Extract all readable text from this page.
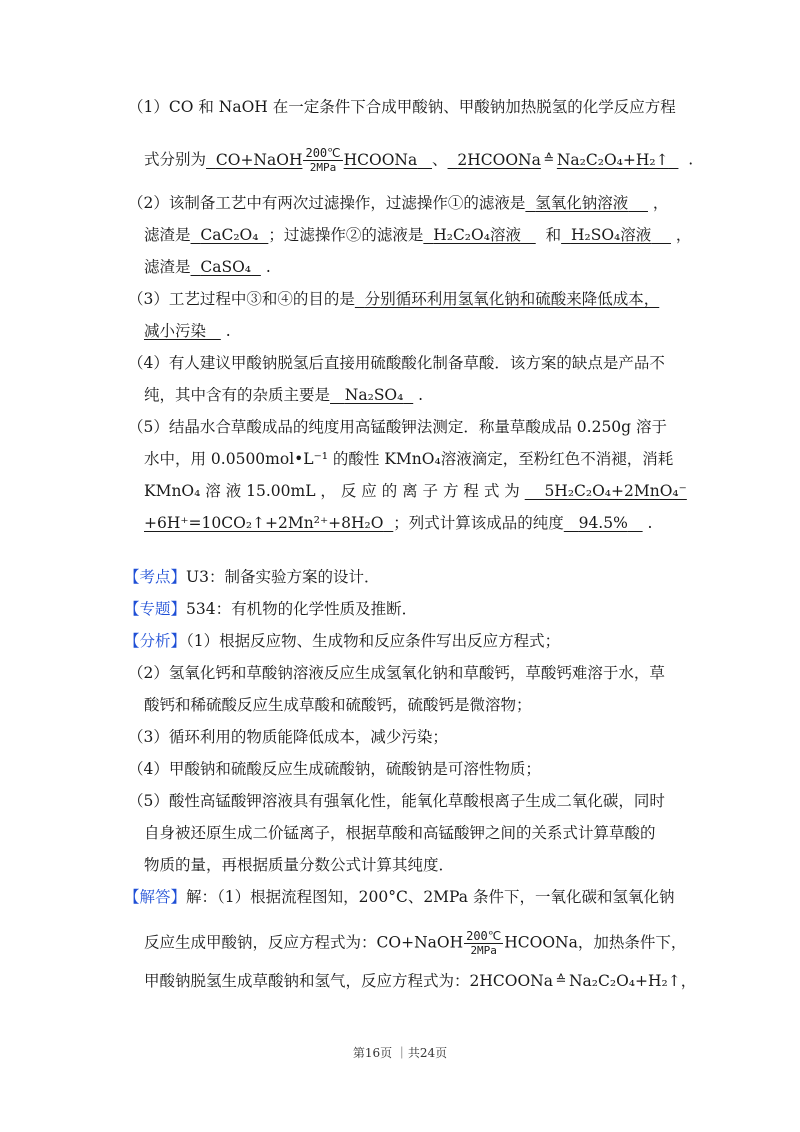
（1）CO 和 NaOH 在一定条件下合成甲酸钠、甲酸钠加热脱氢的化学反应方程
式分别为 CO+NaOH $\frac{200℃}{\text{2MPa}}$ HCOONa 、 2HCOONa ≙ Na₂C₂O₄+H₂↑ .
（2）该制备工艺中有两次过滤操作，过滤操作①的滤液是 氢氧化钠溶液 ，
滤渣是 CaC₂O₄ ；过滤操作②的滤液是 H₂C₂O₄溶液 和 H₂SO₄溶液 ，
滤渣是 CaSO₄ .
（3）工艺过程中③和④的目的是 分别循环利用氢氧化钠和硫酸来降低成本，
减小污染 .
（4）有人建议甲酸钠脱氢后直接用硫酸酸化制备草酸．该方案的缺点是产品不
纯，其中含有的杂质主要是 Na₂SO₄ .
（5）结晶水合草酸成品的纯度用高锰酸钾法测定．称量草酸成品 0.250g 溶于
水中，用 0.0500mol•L⁻¹ 的酸性 KMnO₄溶液滴定，至粉红色不消褪，消耗
KMnO₄ 溶 液 15.00mL ， 反 应 的 离 子 方 程 式 为 5H₂C₂O₄+2MnO₄⁻
+6H⁺=10CO₂↑+2Mn²⁺+8H₂O ；列式计算该成品的纯度 94.5% .
【考点】U3：制备实验方案的设计．
【专题】534：有机物的化学性质及推断．
【分析】（1）根据反应物、生成物和反应条件写出反应方程式；
（2）氢氧化钙和草酸钠溶液反应生成氢氧化钠和草酸钙，草酸钙难溶于水，草
酸钙和稀硫酸反应生成草酸和硫酸钙，硫酸钙是微溶物；
（3）循环利用的物质能降低成本，减少污染；
（4）甲酸钠和硫酸反应生成硫酸钠，硫酸钠是可溶性物质；
（5）酸性高锰酸钾溶液具有强氧化性，能氧化草酸根离子生成二氧化碳，同时
自身被还原生成二价锰离子，根据草酸和高锰酸钾之间的关系式计算草酸的
物质的量，再根据质量分数公式计算其纯度．
【解答】解：（1）根据流程图知，200°C、2MPa 条件下，一氧化碳和氢氧化钠
反应生成甲酸钠，反应方程式为：CO+NaOH $\frac{200℃}{\text{2MPa}}$ HCOONa，加热条件下，
甲酸钠脱氢生成草酸钠和氢气，反应方程式为：2HCOONa ≙ Na₂C₂O₄+H₂↑，
第16页 ｜共24页
